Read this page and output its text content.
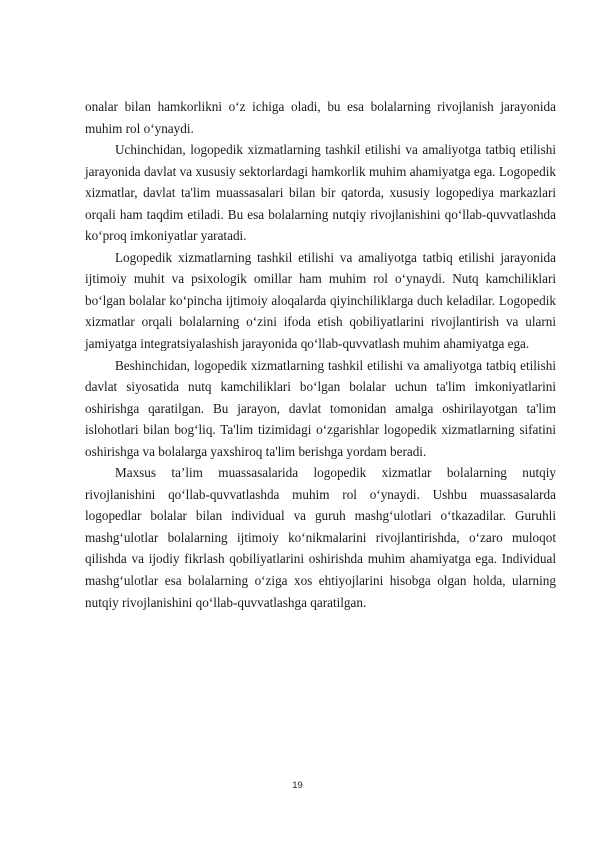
onalar bilan hamkorlikni o‘z ichiga oladi, bu esa bolalarning rivojlanish jarayonida muhim rol o‘ynaydi.

Uchinchidan, logopedik xizmatlarning tashkil etilishi va amaliyotga tatbiq etilishi jarayonida davlat va xususiy sektorlardagi hamkorlik muhim ahamiyatga ega. Logopedik xizmatlar, davlat ta'lim muassasalari bilan bir qatorda, xususiy logopediya markazlari orqali ham taqdim etiladi. Bu esa bolalarning nutqiy rivojlanishini qo‘llab-quvvatlashda ko‘proq imkoniyatlar yaratadi.

Logopedik xizmatlarning tashkil etilishi va amaliyotga tatbiq etilishi jarayonida ijtimoiy muhit va psixologik omillar ham muhim rol o‘ynaydi. Nutq kamchiliklari bo‘lgan bolalar ko‘pincha ijtimoiy aloqalarda qiyinchiliklarga duch keladilar. Logopedik xizmatlar orqali bolalarning o‘zini ifoda etish qobiliyatlarini rivojlantirish va ularni jamiyatga integratsiyalashish jarayonida qo‘llab-quvvatlash muhim ahamiyatga ega.

Beshinchidan, logopedik xizmatlarning tashkil etilishi va amaliyotga tatbiq etilishi davlat siyosatida nutq kamchiliklari bo‘lgan bolalar uchun ta'lim imkoniyatlarini oshirishga qaratilgan. Bu jarayon, davlat tomonidan amalga oshirilayotgan ta'lim islohotlari bilan bog‘liq. Ta'lim tizimidagi o‘zgarishlar logopedik xizmatlarning sifatini oshirishga va bolalarga yaxshiroq ta'lim berishga yordam beradi.

Maxsus ta’lim muassasalarida logopedik xizmatlar bolalarning nutqiy rivojlanishini qo‘llab-quvvatlashda muhim rol o‘ynaydi. Ushbu muassasalarda logopedlar bolalar bilan individual va guruh mashg‘ulotlari o‘tkazadilar. Guruhli mashg‘ulotlar bolalarning ijtimoiy ko‘nikmalarini rivojlantirishda, o‘zaro muloqot qilishda va ijodiy fikrlash qobiliyatlarini oshirishda muhim ahamiyatga ega. Individual mashg‘ulotlar esa bolalarning o‘ziga xos ehtiyojlarini hisobga olgan holda, ularning nutqiy rivojlanishini qo‘llab-quvvatlashga qaratilgan.

19
